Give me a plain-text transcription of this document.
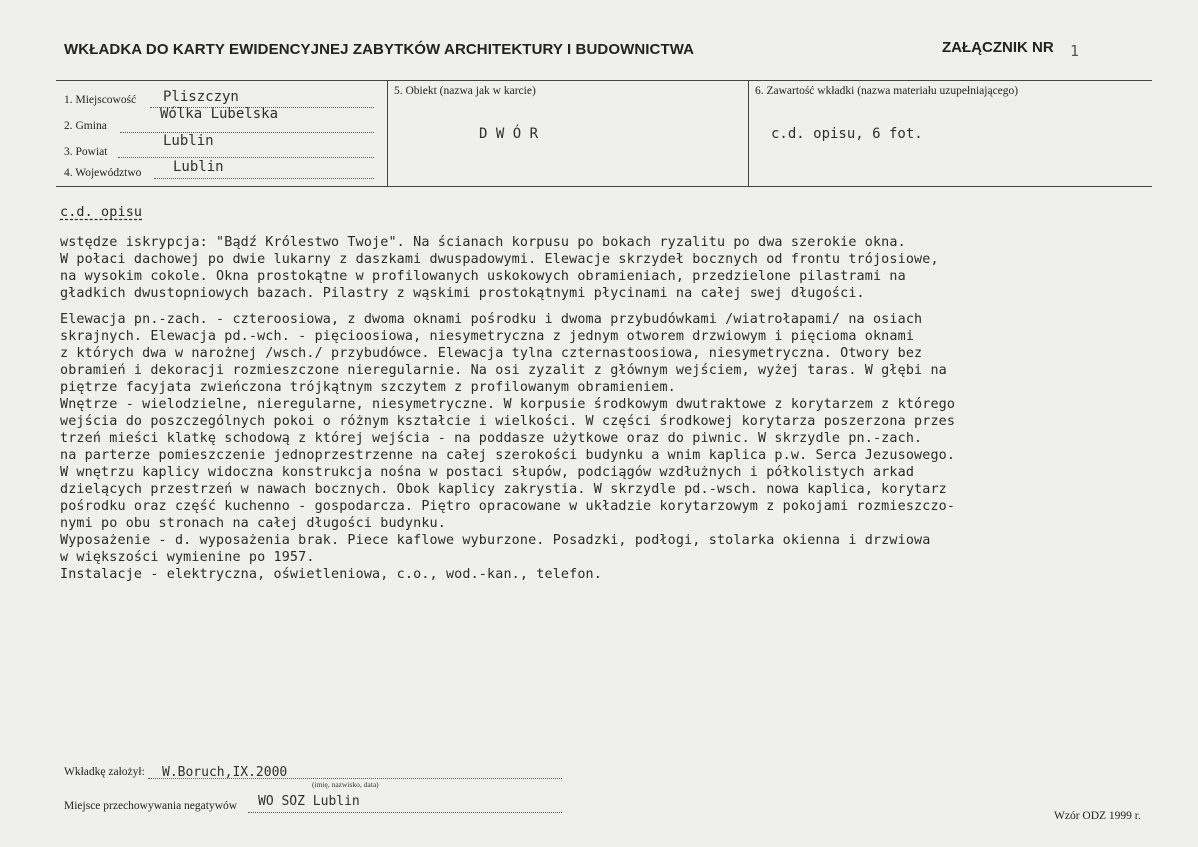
WKŁADKA DO KARTY EWIDENCYJNEJ ZABYTKÓW ARCHITEKTURY I BUDOWNICTWA	ZAŁĄCZNIK NR 1
1. Miejscowość Pliszczyn
2. Gmina
Wólka Lubelska
3. Powiat
Lublin
4. Województwo Lublin
5. Obiekt (nazwa jak w karcie)
D W Ó R
6. Zawartość wkładki (nazwa materiału uzupełniającego)
c.d. opisu, 6 fot.
c.d. opisu
wstędze iskrypcja: "Bądź Królestwo Twoje". Na ścianach korpusu po bokach ryzalitu po dwa szerokie okna.
W połaci dachowej po dwie lukarny z daszkami dwuspadowymi. Elewacje skrzydeł bocznych od frontu trójosiowe,
na wysokim cokole. Okna prostokątne w profilowanych uskokowych obramieniach, przedzielone pilastrami na
gładkich dwustopniowych bazach. Pilastry z wąskimi prostokątnymi płycinami na całej swej długości.
Elewacja pn.-zach. - czteroosiowa, z dwoma oknami pośrodku i dwoma przybudówkami /wiatrołapami/ na osiach
skrajnych. Elewacja pd.-wch. - pięcioosiowa, niesymetryczna z jednym otworem drzwiowym i pięcioma oknami
z których dwa w narożnej /wsch./ przybudówce. Elewacja tylna czternastoosiowa, niesymetryczna. Otwory bez
obramień i dekoracji rozmieszczone nieregularnie. Na osi zyzalit z głównym wejściem, wyżej taras. W głębi na
piętrze facyjata zwieńczona trójkątnym szczytem z profilowanym obramieniem.
Wnętrze - wielodzielne, nieregularne, niesymetryczne. W korpusie środkowym dwutraktowe z korytarzem z którego
wejścia do poszczególnych pokoi o różnym kształcie i wielkości. W części środkowej korytarza poszerzona przes
trzeń mieści klatkę schodową z której wejścia - na poddasze użytkowe oraz do piwnic. W skrzydle pn.-zach.
na parterze pomieszczenie jednoprzestrzenne na całej szerokości budynku a wnim kaplica p.w. Serca Jezusowego.
W wnętrzu kaplicy widoczna konstrukcja nośna w postaci słupów, podciągów wzdłużnych i półkolistych arkad
dzielących przestrzeń w nawach bocznych. Obok kaplicy zakrystia. W skrzydle pd.-wsch. nowa kaplica, korytarz
pośrodku oraz część kuchenno - gospodarcza. Piętro opracowane w układzie korytarzowym z pokojami rozmieszczo-
nymi po obu stronach na całej długości budynku.
Wyposażenie - d. wyposażenia brak. Piece kaflowe wyburzone. Posadzki, podłogi, stolarka okienna i drzwiowa
w większości wymienine po 1957.
Instalacje - elektryczna, oświetleniowa, c.o., wod.-kan., telefon.
Wkładkę założył: W.Boruch,IX.2000
(imię, nazwisko, data)
Miejsce przechowywania negatywów WO SOZ Lublin
Wzór ODZ 1999 r.
